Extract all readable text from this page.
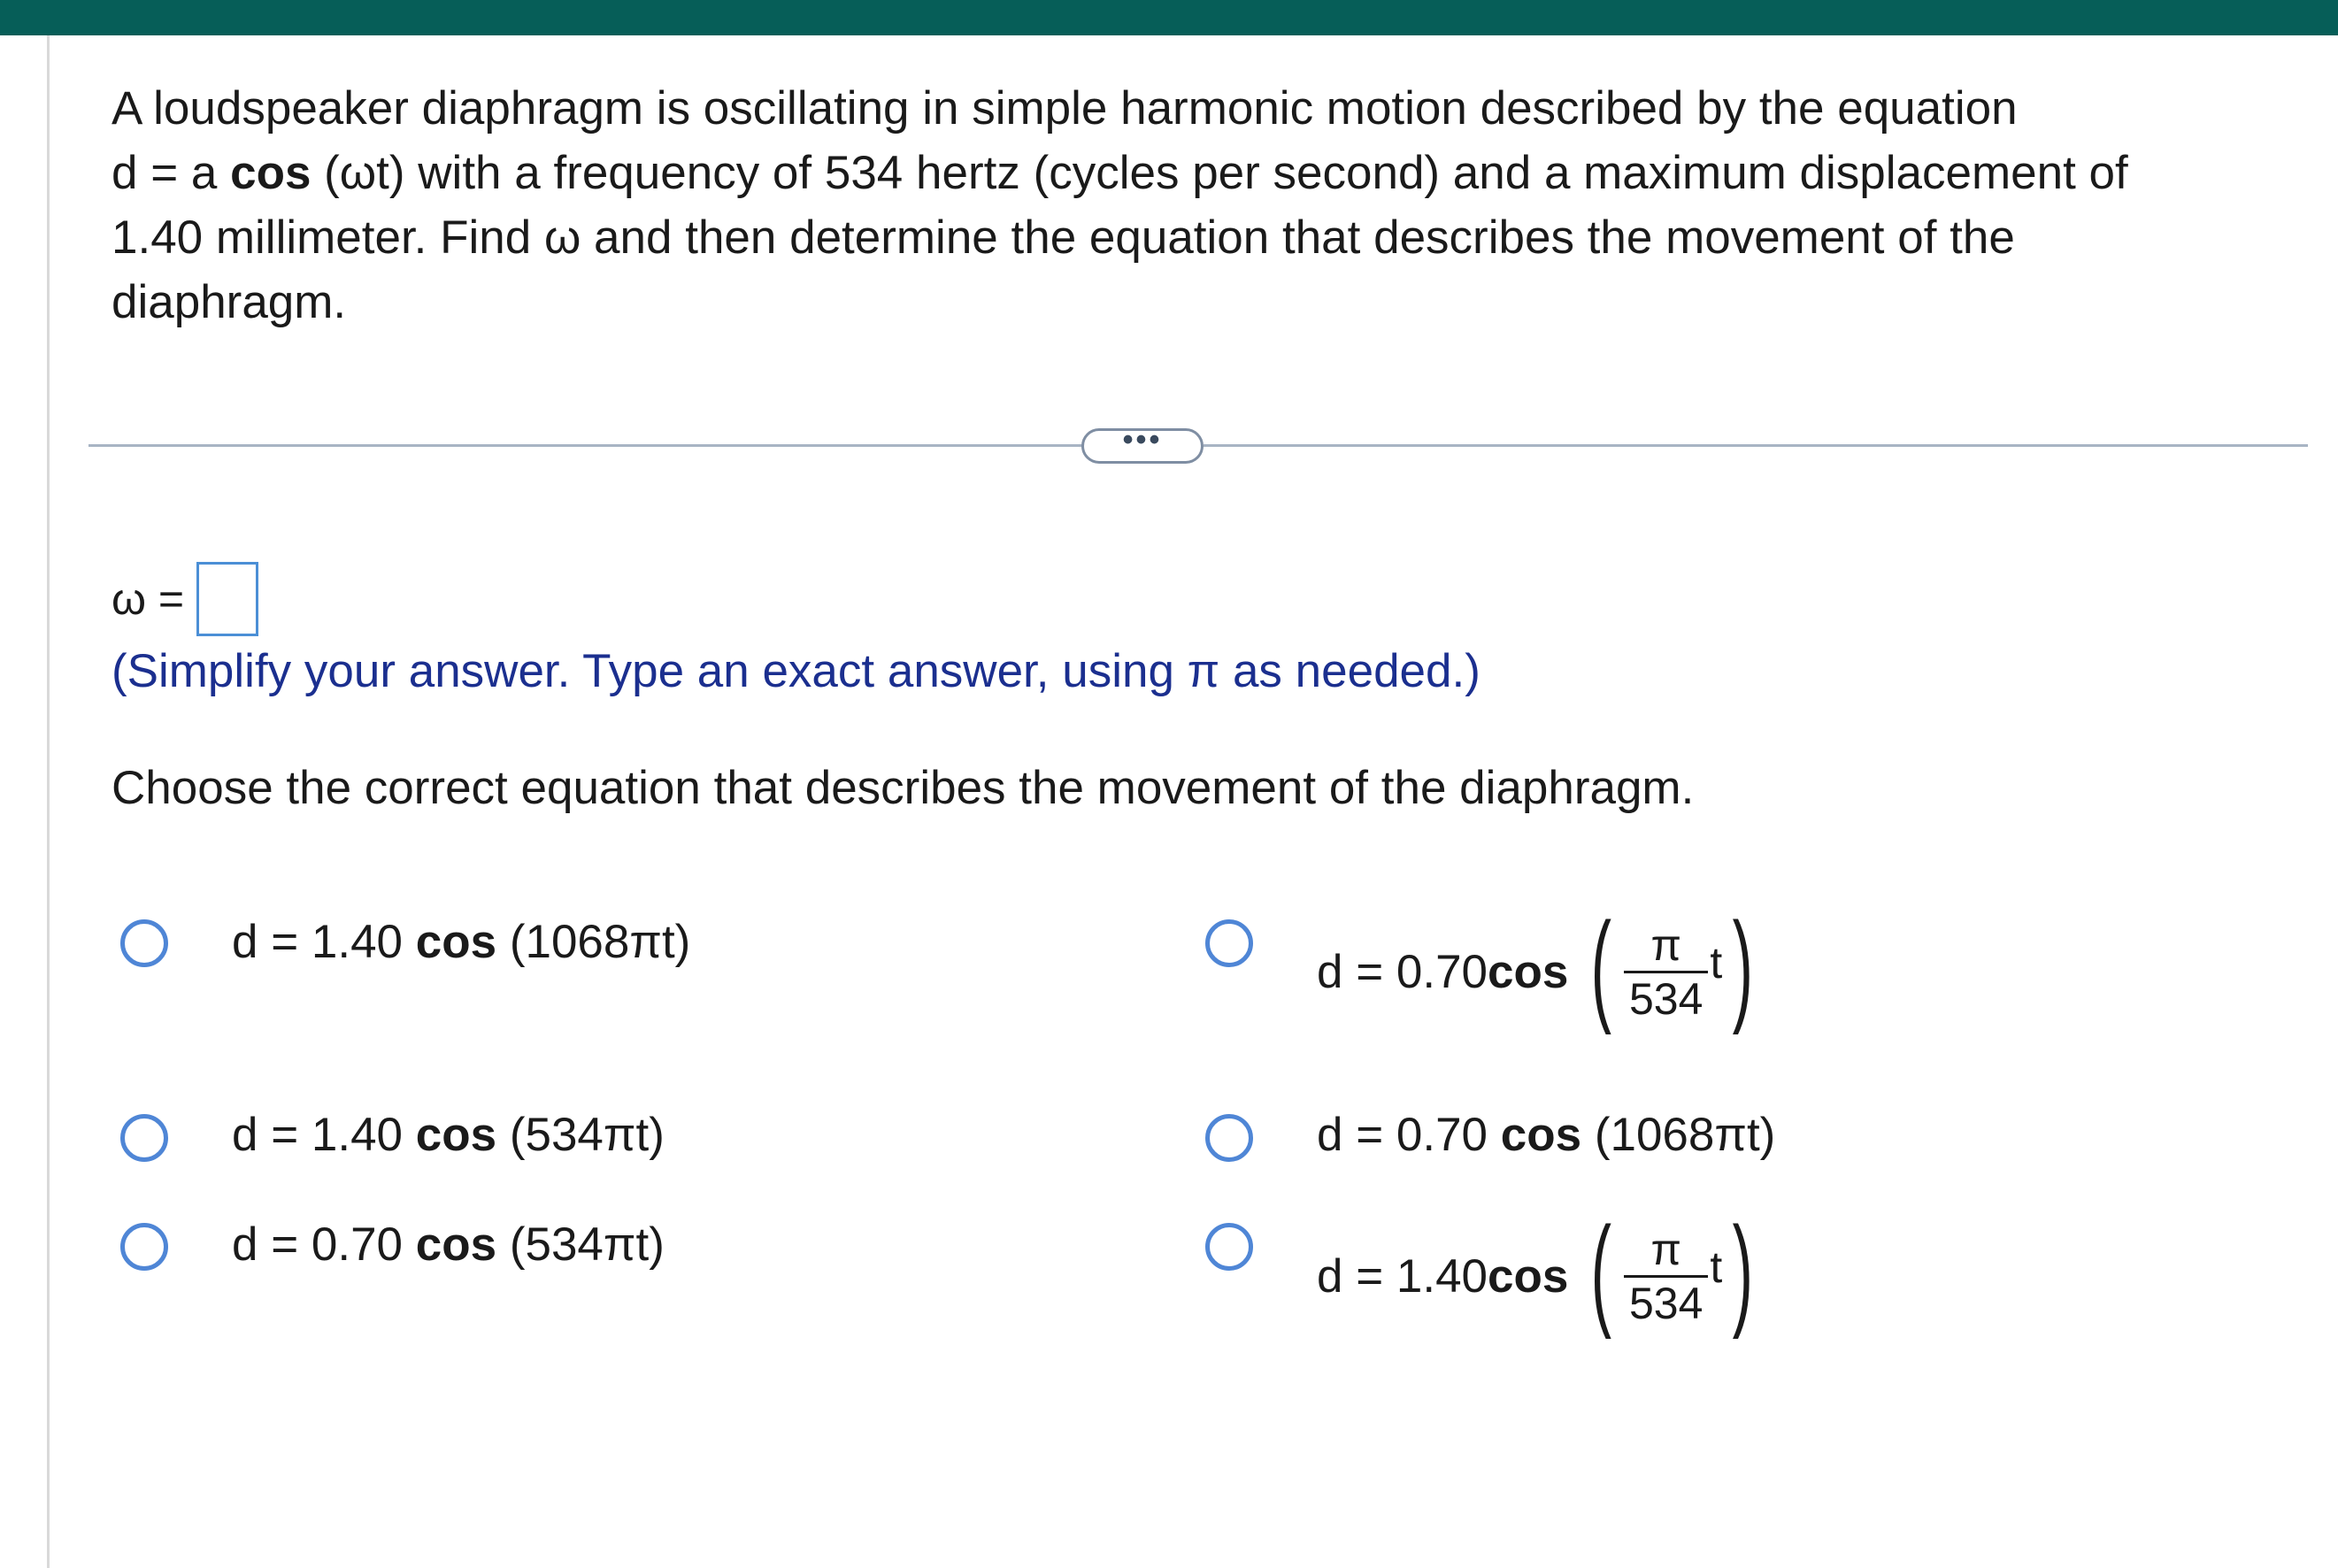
A loudspeaker diaphragm is oscillating in simple harmonic motion described by the equation
d = a cos (ωt) with a frequency of 534 hertz (cycles per second) and a maximum displacement of
1.40 millimeter. Find ω and then determine the equation that describes the movement of the
diaphragm.
•••
ω =
(Simplify your answer. Type an exact answer, using π as needed.)
Choose the correct equation that describes the movement of the diaphragm.
d = 1.40 cos (1068πt)
d = 0.70 cos ( $\frac{\pi}{534}$ t )
d = 1.40 cos (534πt)	d = 0.70 cos (1068πt)
d = 0.70 cos (534πt)
d = 1.40 cos ( $\frac{\pi}{534}$ t )
